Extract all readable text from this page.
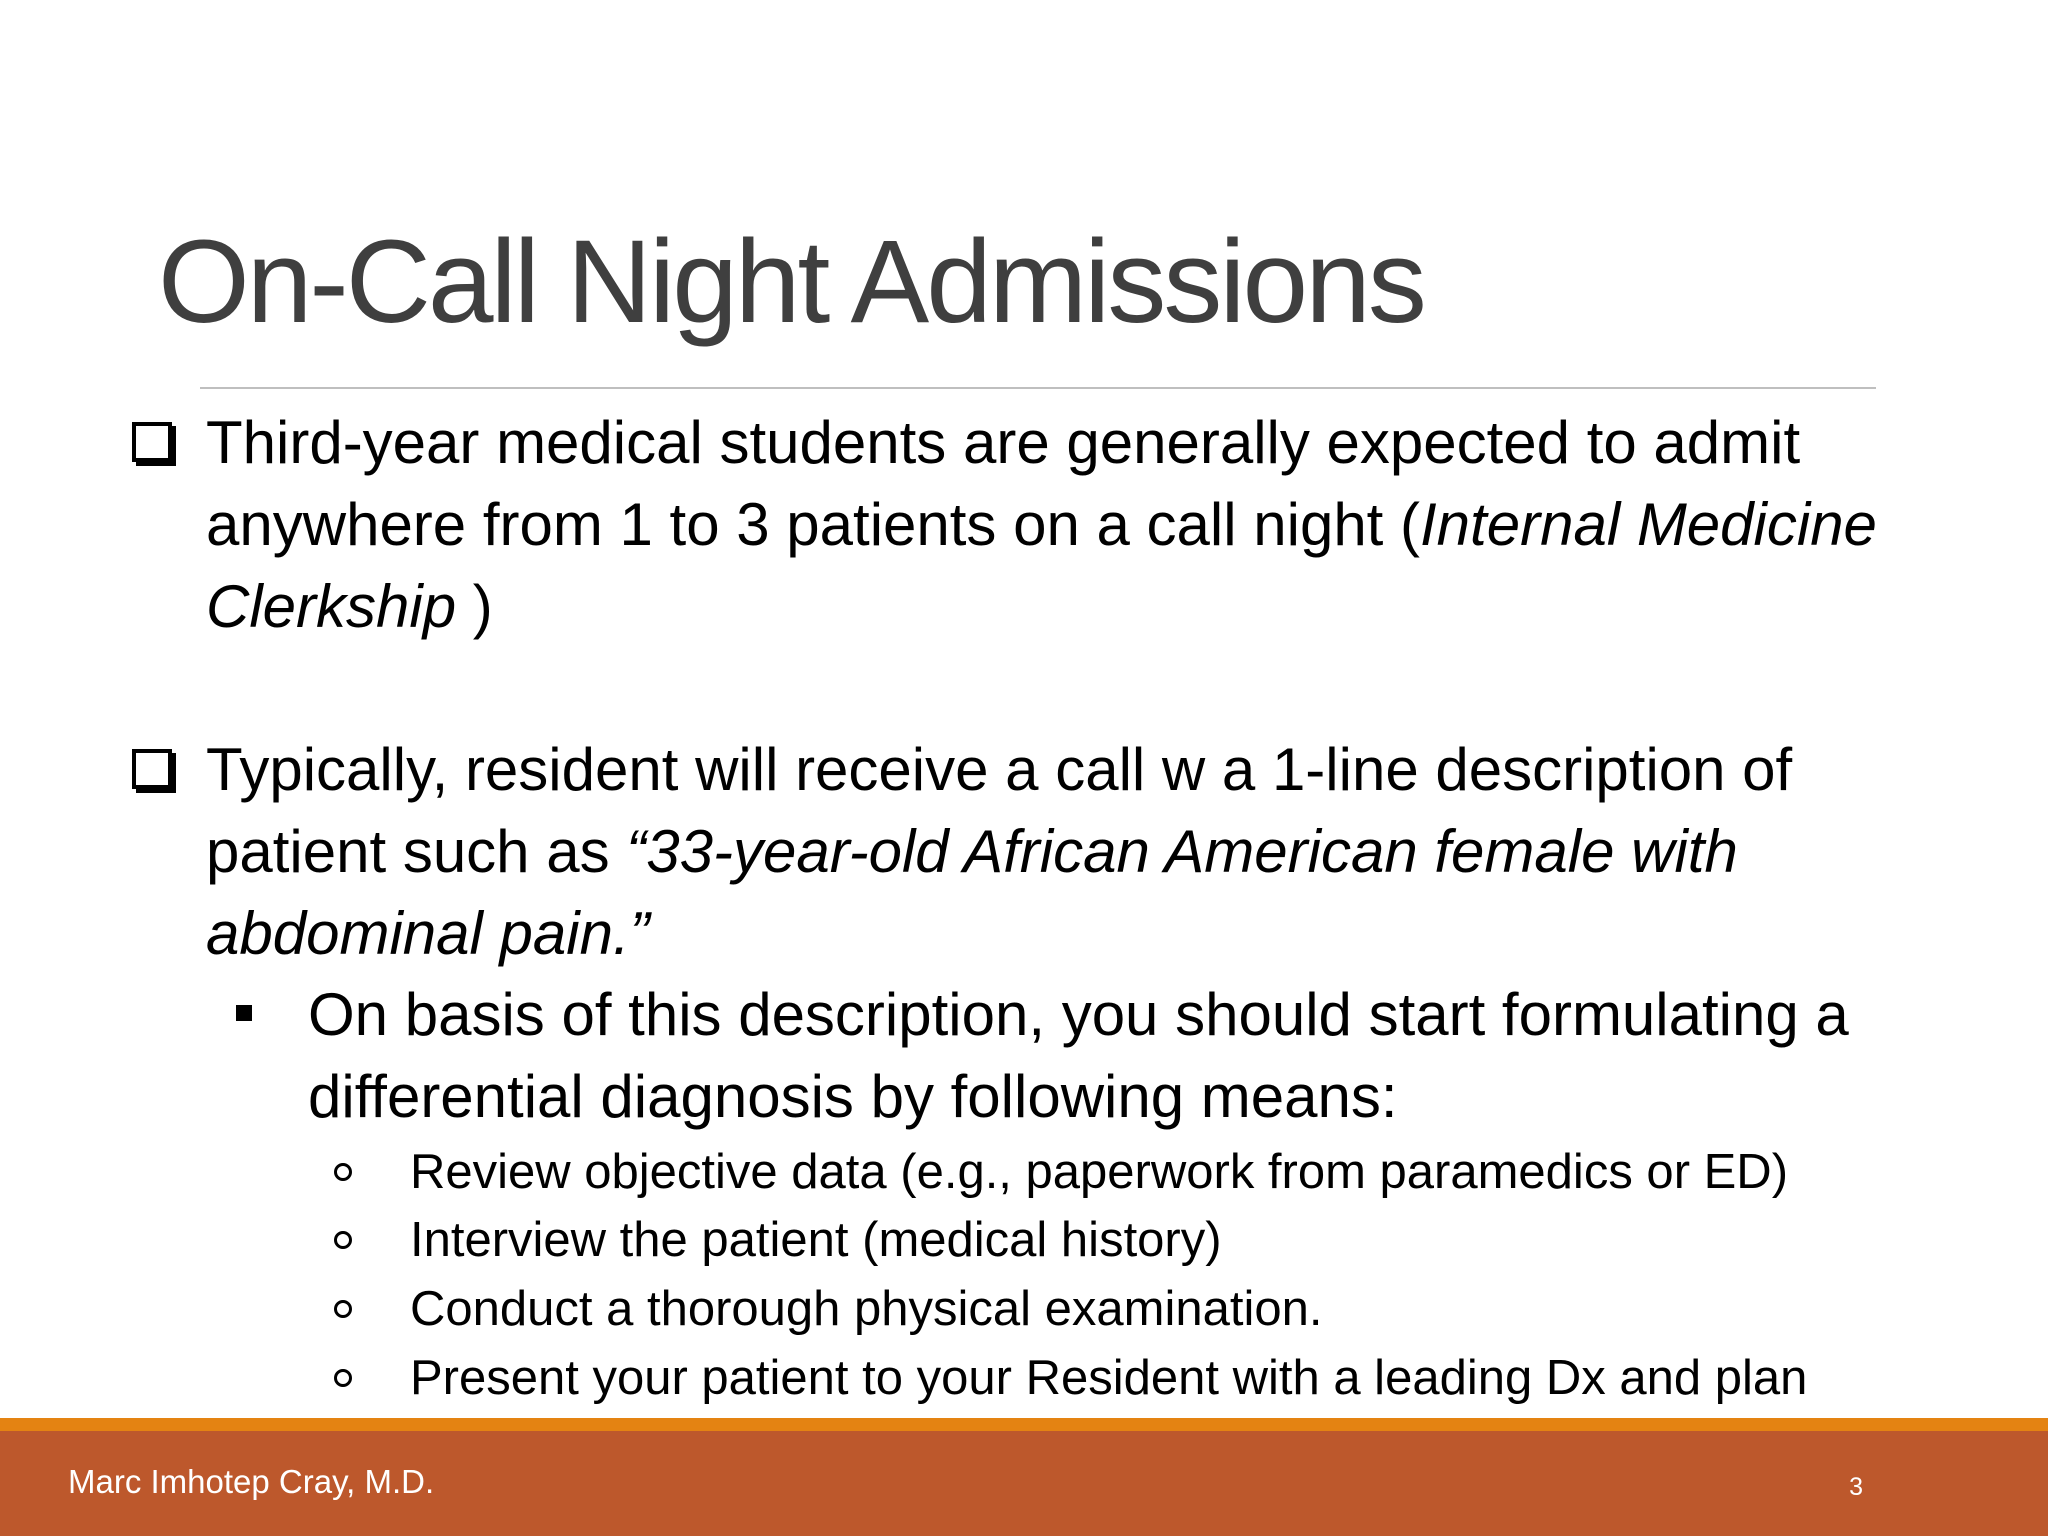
On-Call Night Admissions
Third-year medical students are generally expected to admit anywhere from 1 to 3 patients on a call night (Internal Medicine Clerkship )
Typically, resident will receive a call w a 1-line description of patient such as “33-year-old African American female with abdominal pain.”
On basis of this description, you should start formulating a differential diagnosis by following means:
Review objective data (e.g., paperwork from paramedics or ED)
Interview the patient (medical history)
Conduct a thorough physical examination.
Present your patient to your Resident with a leading Dx and plan
Marc Imhotep Cray, M.D.	3
